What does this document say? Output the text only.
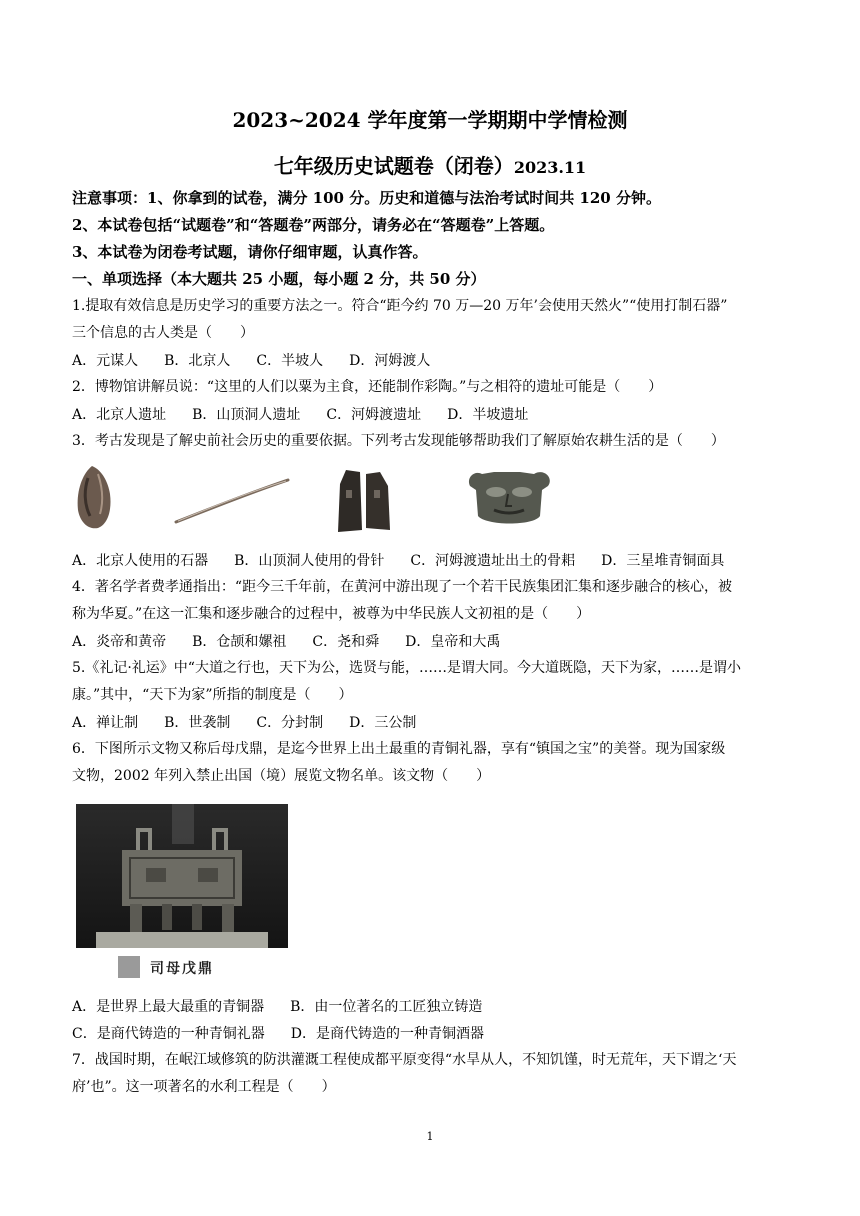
2023~2024 学年度第一学期期中学情检测
七年级历史试题卷（闭卷）2023.11
注意事项：1、你拿到的试卷，满分 100 分。历史和道德与法治考试时间共 120 分钟。
2、本试卷包括“试题卷”和“答题卷”两部分，请务必在“答题卷”上答题。
3、本试卷为闭卷考试题，请你仔细审题，认真作答。
一、单项选择（本大题共 25 小题，每小题 2 分，共 50 分）
1.提取有效信息是历史学习的重要方法之一。符合“距今约 70 万—20 万年’会使用天然火”“使用打制石器”
三个信息的古人类是（　　）
A．元谋人 B．北京人 C．半坡人 D．河姆渡人
2．博物馆讲解员说：“这里的人们以粟为主食，还能制作彩陶。”与之相符的遗址可能是（　　）
A．北京人遗址 B．山顶洞人遗址 C．河姆渡遗址 D．半坡遗址
3．考古发现是了解史前社会历史的重要依据。下列考古发现能够帮助我们了解原始农耕生活的是（　　）
A．北京人使用的石器 B．山顶洞人使用的骨针 C．河姆渡遗址出土的骨耜 D．三星堆青铜面具
4．著名学者费孝通指出：“距今三千年前，在黄河中游出现了一个若干民族集团汇集和逐步融合的核心，被
称为华夏。”在这一汇集和逐步融合的过程中，被尊为中华民族人文初祖的是（　　）
A．炎帝和黄帝 B．仓颉和嫘祖 C．尧和舜 D．皇帝和大禹
5.《礼记·礼运》中“大道之行也，天下为公，选贤与能，……是谓大同。今大道既隐，天下为家，……是谓小
康。”其中，“天下为家”所指的制度是（　　）
A．禅让制 B．世袭制 C．分封制 D．三公制
6．下图所示文物又称后母戊鼎，是迄今世界上出土最重的青铜礼器，享有“镇国之宝”的美誉。现为国家级
文物，2002 年列入禁止出国（境）展览文物名单。该文物（　　）
司母戊鼎
A．是世界上最大最重的青铜器 B．由一位著名的工匠独立铸造
C．是商代铸造的一种青铜礼器 D．是商代铸造的一种青铜酒器
7．战国时期，在岷江域修筑的防洪灌溉工程使成都平原变得“水旱从人，不知饥馑，时无荒年，天下谓之‘天
府’也”。这一项著名的水利工程是（　　）
1
